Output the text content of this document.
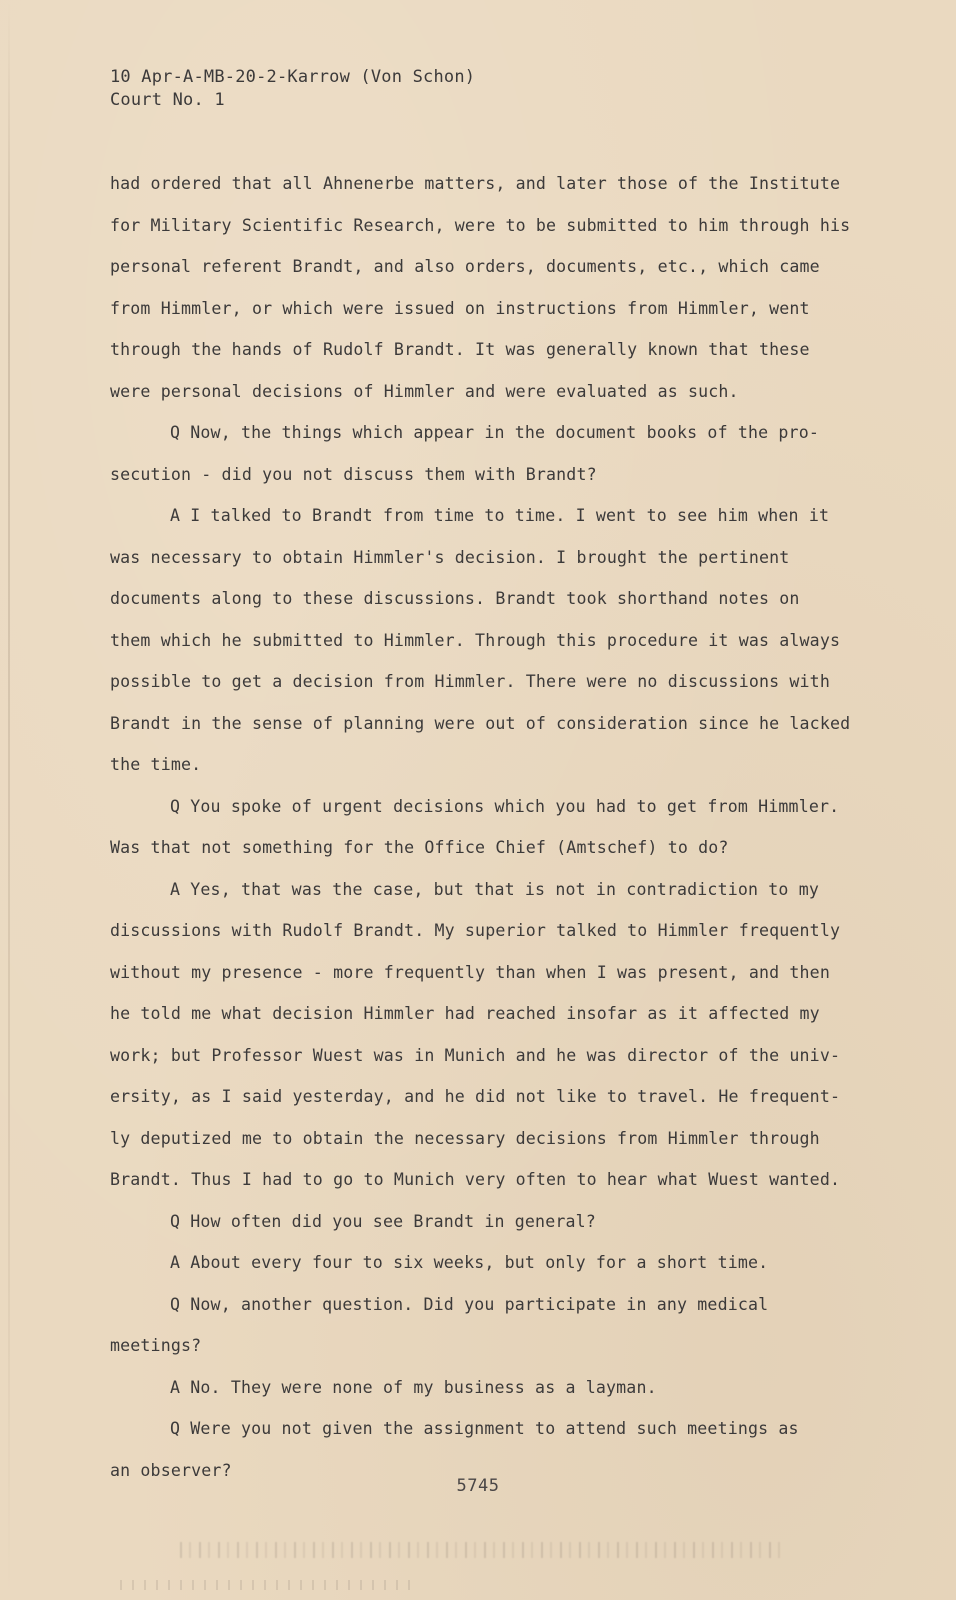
10 Apr-A-MB-20-2-Karrow (Von Schon)
Court No. 1
had ordered that all Ahnenerbe matters, and later those of the Institute
for Military Scientific Research, were to be submitted to him through his
personal referent Brandt, and also orders, documents, etc., which came
from Himmler, or which were issued on instructions from Himmler, went
through the hands of Rudolf Brandt. It was generally known that these
were personal decisions of Himmler and were evaluated as such.
Q Now, the things which appear in the document books of the pro-
secution - did you not discuss them with Brandt?
A I talked to Brandt from time to time. I went to see him when it
was necessary to obtain Himmler's decision. I brought the pertinent
documents along to these discussions. Brandt took shorthand notes on
them which he submitted to Himmler. Through this procedure it was always
possible to get a decision from Himmler. There were no discussions with
Brandt in the sense of planning were out of consideration since he lacked
the time.
Q You spoke of urgent decisions which you had to get from Himmler.
Was that not something for the Office Chief (Amtschef) to do?
A Yes, that was the case, but that is not in contradiction to my
discussions with Rudolf Brandt. My superior talked to Himmler frequently
without my presence - more frequently than when I was present, and then
he told me what decision Himmler had reached insofar as it affected my
work; but Professor Wuest was in Munich and he was director of the univ-
ersity, as I said yesterday, and he did not like to travel. He frequent-
ly deputized me to obtain the necessary decisions from Himmler through
Brandt. Thus I had to go to Munich very often to hear what Wuest wanted.
Q How often did you see Brandt in general?
A About every four to six weeks, but only for a short time.
Q Now, another question. Did you participate in any medical
meetings?
A No. They were none of my business as a layman.
Q Were you not given the assignment to attend such meetings as
an observer?
5745
